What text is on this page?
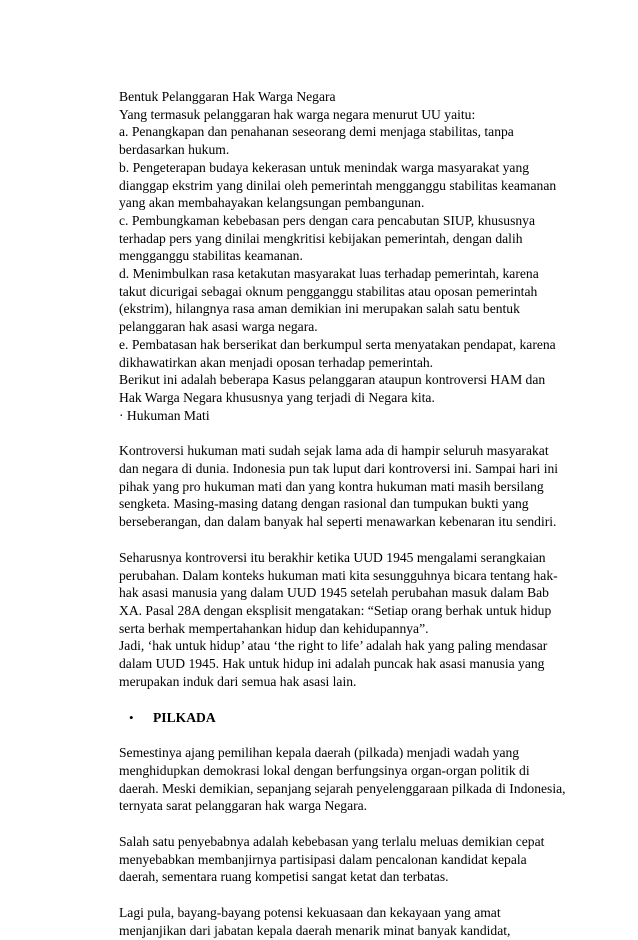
Bentuk Pelanggaran Hak Warga Negara
Yang termasuk pelanggaran hak warga negara menurut UU yaitu:
a. Penangkapan dan penahanan seseorang demi menjaga stabilitas, tanpa
berdasarkan hukum.
b. Pengeterapan budaya kekerasan untuk menindak warga masyarakat yang
dianggap ekstrim yang dinilai oleh pemerintah mengganggu stabilitas keamanan
yang akan membahayakan kelangsungan pembangunan.
c. Pembungkaman kebebasan pers dengan cara pencabutan SIUP, khususnya
terhadap pers yang dinilai mengkritisi kebijakan pemerintah, dengan dalih
mengganggu stabilitas keamanan.
d. Menimbulkan rasa ketakutan masyarakat luas terhadap pemerintah, karena
takut dicurigai sebagai oknum pengganggu stabilitas atau oposan pemerintah
(ekstrim), hilangnya rasa aman demikian ini merupakan salah satu bentuk
pelanggaran hak asasi warga negara.
e. Pembatasan hak berserikat dan berkumpul serta menyatakan pendapat, karena
dikhawatirkan akan menjadi oposan terhadap pemerintah.
Berikut ini adalah beberapa Kasus pelanggaran ataupun kontroversi HAM dan
Hak Warga Negara khususnya yang terjadi di Negara kita.
· Hukuman Mati
Kontroversi hukuman mati sudah sejak lama ada di hampir seluruh masyarakat
dan negara di dunia. Indonesia pun tak luput dari kontroversi ini. Sampai hari ini
pihak yang pro hukuman mati dan yang kontra hukuman mati masih bersilang
sengketa. Masing-masing datang dengan rasional dan tumpukan bukti yang
berseberangan, dan dalam banyak hal seperti menawarkan kebenaran itu sendiri.
Seharusnya kontroversi itu berakhir ketika UUD 1945 mengalami serangkaian
perubahan. Dalam konteks hukuman mati kita sesungguhnya bicara tentang hak-
hak asasi manusia yang dalam UUD 1945 setelah perubahan masuk dalam Bab
XA. Pasal 28A dengan eksplisit mengatakan: “Setiap orang berhak untuk hidup
serta berhak mempertahankan hidup dan kehidupannya”.
Jadi, ‘hak untuk hidup’ atau ‘the right to life’ adalah hak yang paling mendasar
dalam UUD 1945. Hak untuk hidup ini adalah puncak hak asasi manusia yang
merupakan induk dari semua hak asasi lain.
• PILKADA
Semestinya ajang pemilihan kepala daerah (pilkada) menjadi wadah yang
menghidupkan demokrasi lokal dengan berfungsinya organ-organ politik di
daerah. Meski demikian, sepanjang sejarah penyelenggaraan pilkada di Indonesia,
ternyata sarat pelanggaran hak warga Negara.
Salah satu penyebabnya adalah kebebasan yang terlalu meluas demikian cepat
menyebabkan membanjirnya partisipasi dalam pencalonan kandidat kepala
daerah, sementara ruang kompetisi sangat ketat dan terbatas.
Lagi pula, bayang-bayang potensi kekuasaan dan kekayaan yang amat
menjanjikan dari jabatan kepala daerah menarik minat banyak kandidat,
